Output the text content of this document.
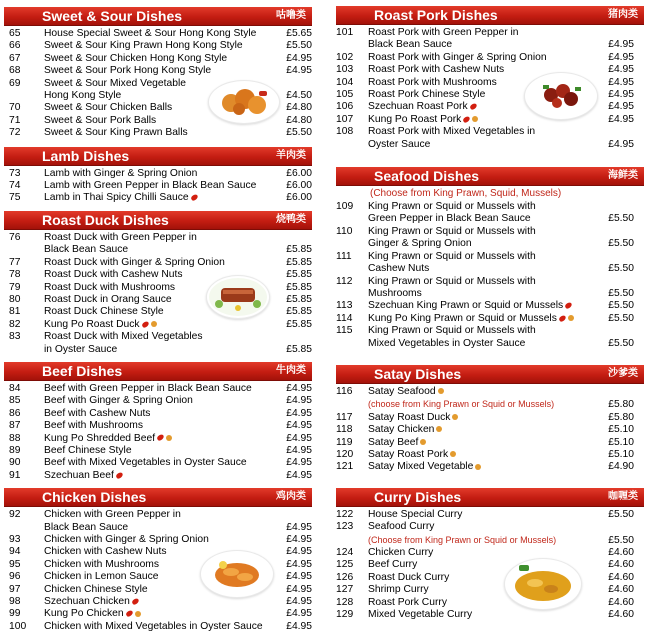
Sweet & Sour Dishes	咕噜类
65 House Special Sweet & Sour Hong Kong Style	£5.65
66 Sweet & Sour King Prawn Hong Kong Style	£5.50
67 Sweet & Sour Chicken Hong Kong Style	£4.95
68 Sweet & Sour Pork Hong Kong Style	£4.95
69 Sweet & Sour Mixed Vegetable
Hong Kong Style	£4.50
70 Sweet & Sour Chicken Balls	£4.80
71 Sweet & Sour Pork Balls	£4.80
72 Sweet & Sour King Prawn Balls	£5.50
Lamb Dishes	羊肉类
73 Lamb with Ginger & Spring Onion	£6.00
74 Lamb with Green Pepper in Black Bean Sauce	£6.00
75 Lamb in Thai Spicy Chilli Sauce	£6.00
Roast Duck Dishes	烧鸭类
76 Roast Duck with Green Pepper in
Black Bean Sauce	£5.85
77 Roast Duck with Ginger & Spring Onion	£5.85
78 Roast Duck with Cashew Nuts	£5.85
79 Roast Duck with Mushrooms	£5.85
80 Roast Duck in Orang Sauce	£5.85
81 Roast Duck Chinese Style	£5.85
82 Kung Po Roast Duck	£5.85
83 Roast Duck with Mixed Vegetables
in Oyster Sauce	£5.85
Beef Dishes	牛肉类
84 Beef with Green Pepper in Black Bean Sauce	£4.95
85 Beef with Ginger & Spring Onion	£4.95
86 Beef with Cashew Nuts	£4.95
87 Beef with Mushrooms	£4.95
88 Kung Po Shredded Beef	£4.95
89 Beef Chinese Style	£4.95
90 Beef with Mixed Vegetables in Oyster Sauce	£4.95
91 Szechuan Beef	£4.95
Chicken Dishes	鸡肉类
92 Chicken with Green Pepper in
Black Bean Sauce	£4.95
93 Chicken with Ginger & Spring Onion	£4.95
94 Chicken with Cashew Nuts	£4.95
95 Chicken with Mushrooms	£4.95
96 Chicken in Lemon Sauce	£4.95
97 Chicken Chinese Style	£4.95
98 Szechuan Chicken	£4.95
99 Kung Po Chicken	£4.95
100 Chicken with Mixed Vegetables in Oyster Sauce	£4.95
Roast Pork Dishes	猪肉类
101 Roast Pork with Green Pepper in
Black Bean Sauce	£4.95
102 Roast Pork with Ginger & Spring Onion	£4.95
103 Roast Pork with Cashew Nuts	£4.95
104 Roast Pork with Mushrooms	£4.95
105 Roast Pork Chinese Style	£4.95
106 Szechuan Roast Pork	£4.95
107 Kung Po Roast Pork	£4.95
108 Roast Pork with Mixed Vegetables in
Oyster Sauce	£4.95
Seafood Dishes	海鲜类
(Choose from King Prawn, Squid, Mussels)
109 King Prawn or Squid or Mussels with
Green Pepper in Black Bean Sauce	£5.50
110 King Prawn or Squid or Mussels with
Ginger & Spring Onion	£5.50
111 King Prawn or Squid or Mussels with
Cashew Nuts	£5.50
112 King Prawn or Squid or Mussels with
Mushrooms	£5.50
113 Szechuan King Prawn or Squid or Mussels	£5.50
114 Kung Po King Prawn or Squid or Mussels	£5.50
115 King Prawn or Squid or Mussels with
Mixed Vegetables in Oyster Sauce	£5.50
Satay Dishes	沙爹类
116 Satay Seafood
(choose from King Prawn or Squid or Mussels)	£5.80
117 Satay Roast Duck	£5.80
118 Satay Chicken	£5.10
119 Satay Beef	£5.10
120 Satay Roast Pork	£5.10
121 Satay Mixed Vegetable	£4.90
Curry Dishes	咖喱类
122 House Special Curry	£5.50
123 Seafood Curry
(Choose from King Prawn or Squid or Mussels)	£5.50
124 Chicken Curry	£4.60
125 Beef Curry	£4.60
126 Roast Duck Curry	£4.60
127 Shrimp Curry	£4.60
128 Roast Pork Curry	£4.60
129 Mixed Vegetable Curry	£4.60
